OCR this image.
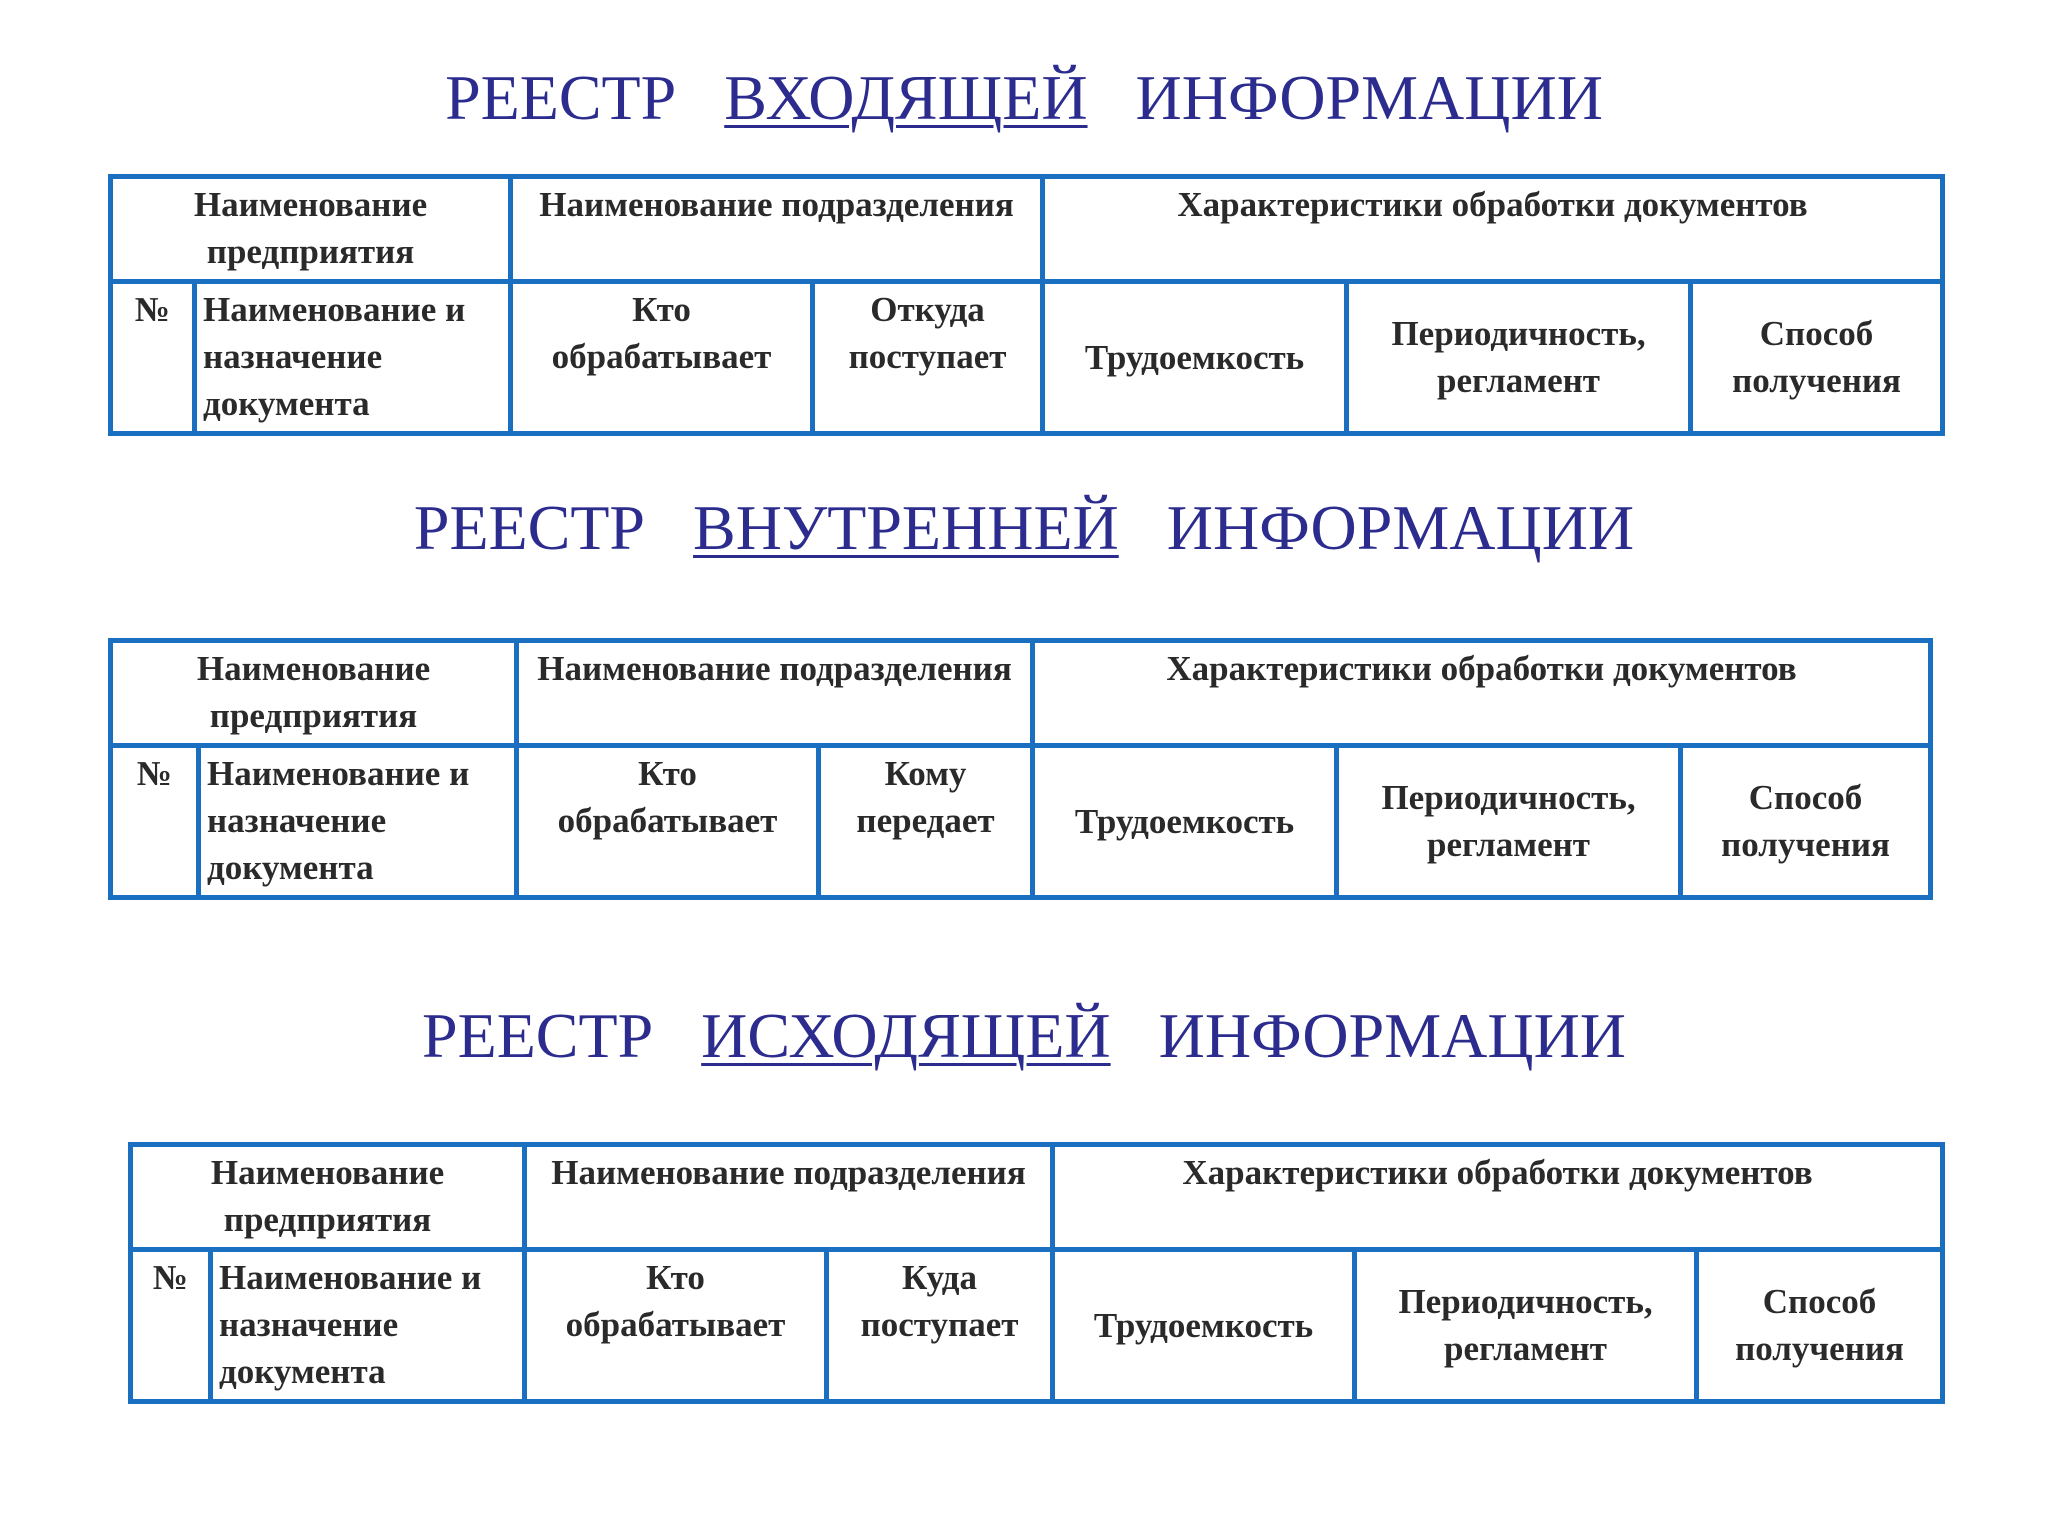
РЕЕСТР ВХОДЯЩЕЙ ИНФОРМАЦИИ
Наименование предприятия		Наименование подразделения		Характеристики обработки документов		
№	Наименование и назначение документа	Кто обрабатывает	Откуда поступает	Трудоемкость	Периодичность, регламент	Способ получения
РЕЕСТР ВНУТРЕННЕЙ ИНФОРМАЦИИ
Наименование предприятия		Наименование подразделения		Характеристики обработки документов		
№	Наименование и назначение документа	Кто обрабатывает	Кому передает	Трудоемкость	Периодичность, регламент	Способ получения
РЕЕСТР ИСХОДЯЩЕЙ ИНФОРМАЦИИ
Наименование предприятия		Наименование подразделения		Характеристики обработки документов		
№	Наименование и назначение документа	Кто обрабатывает	Куда поступает	Трудоемкость	Периодичность, регламент	Способ получения
